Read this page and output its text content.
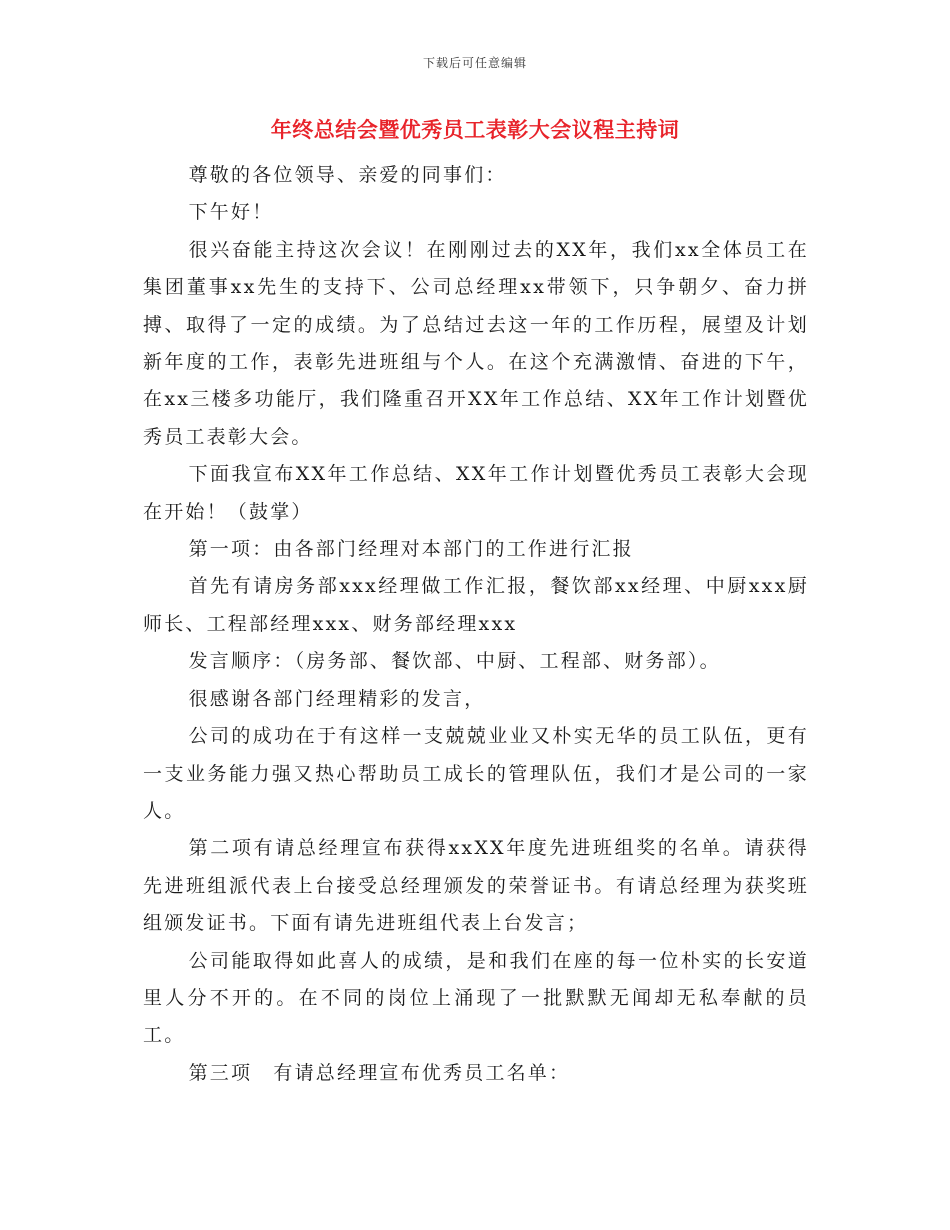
下载后可任意编辑
年终总结会暨优秀员工表彰大会议程主持词

尊敬的各位领导、亲爱的同事们：

下午好！

很兴奋能主持这次会议！在刚刚过去的XX年，我们xx全体员工在集团董事xx先生的支持下、公司总经理xx带领下，只争朝夕、奋力拼搏、取得了一定的成绩。为了总结过去这一年的工作历程，展望及计划新年度的工作，表彰先进班组与个人。在这个充满激情、奋进的下午，在xx三楼多功能厅，我们隆重召开XX年工作总结、XX年工作计划暨优秀员工表彰大会。

下面我宣布XX年工作总结、XX年工作计划暨优秀员工表彰大会现在开始！（鼓掌）

第一项：由各部门经理对本部门的工作进行汇报

首先有请房务部xxx经理做工作汇报，餐饮部xx经理、中厨xxx厨师长、工程部经理xxx、财务部经理xxx

发言顺序：（房务部、餐饮部、中厨、工程部、财务部）。

很感谢各部门经理精彩的发言，

公司的成功在于有这样一支兢兢业业又朴实无华的员工队伍，更有一支业务能力强又热心帮助员工成长的管理队伍，我们才是公司的一家人。

第二项有请总经理宣布获得xxXX年度先进班组奖的名单。请获得先进班组派代表上台接受总经理颁发的荣誉证书。有请总经理为获奖班组颁发证书。下面有请先进班组代表上台发言；

公司能取得如此喜人的成绩，是和我们在座的每一位朴实的长安道里人分不开的。在不同的岗位上涌现了一批默默无闻却无私奉献的员工。

第三项　有请总经理宣布优秀员工名单：
